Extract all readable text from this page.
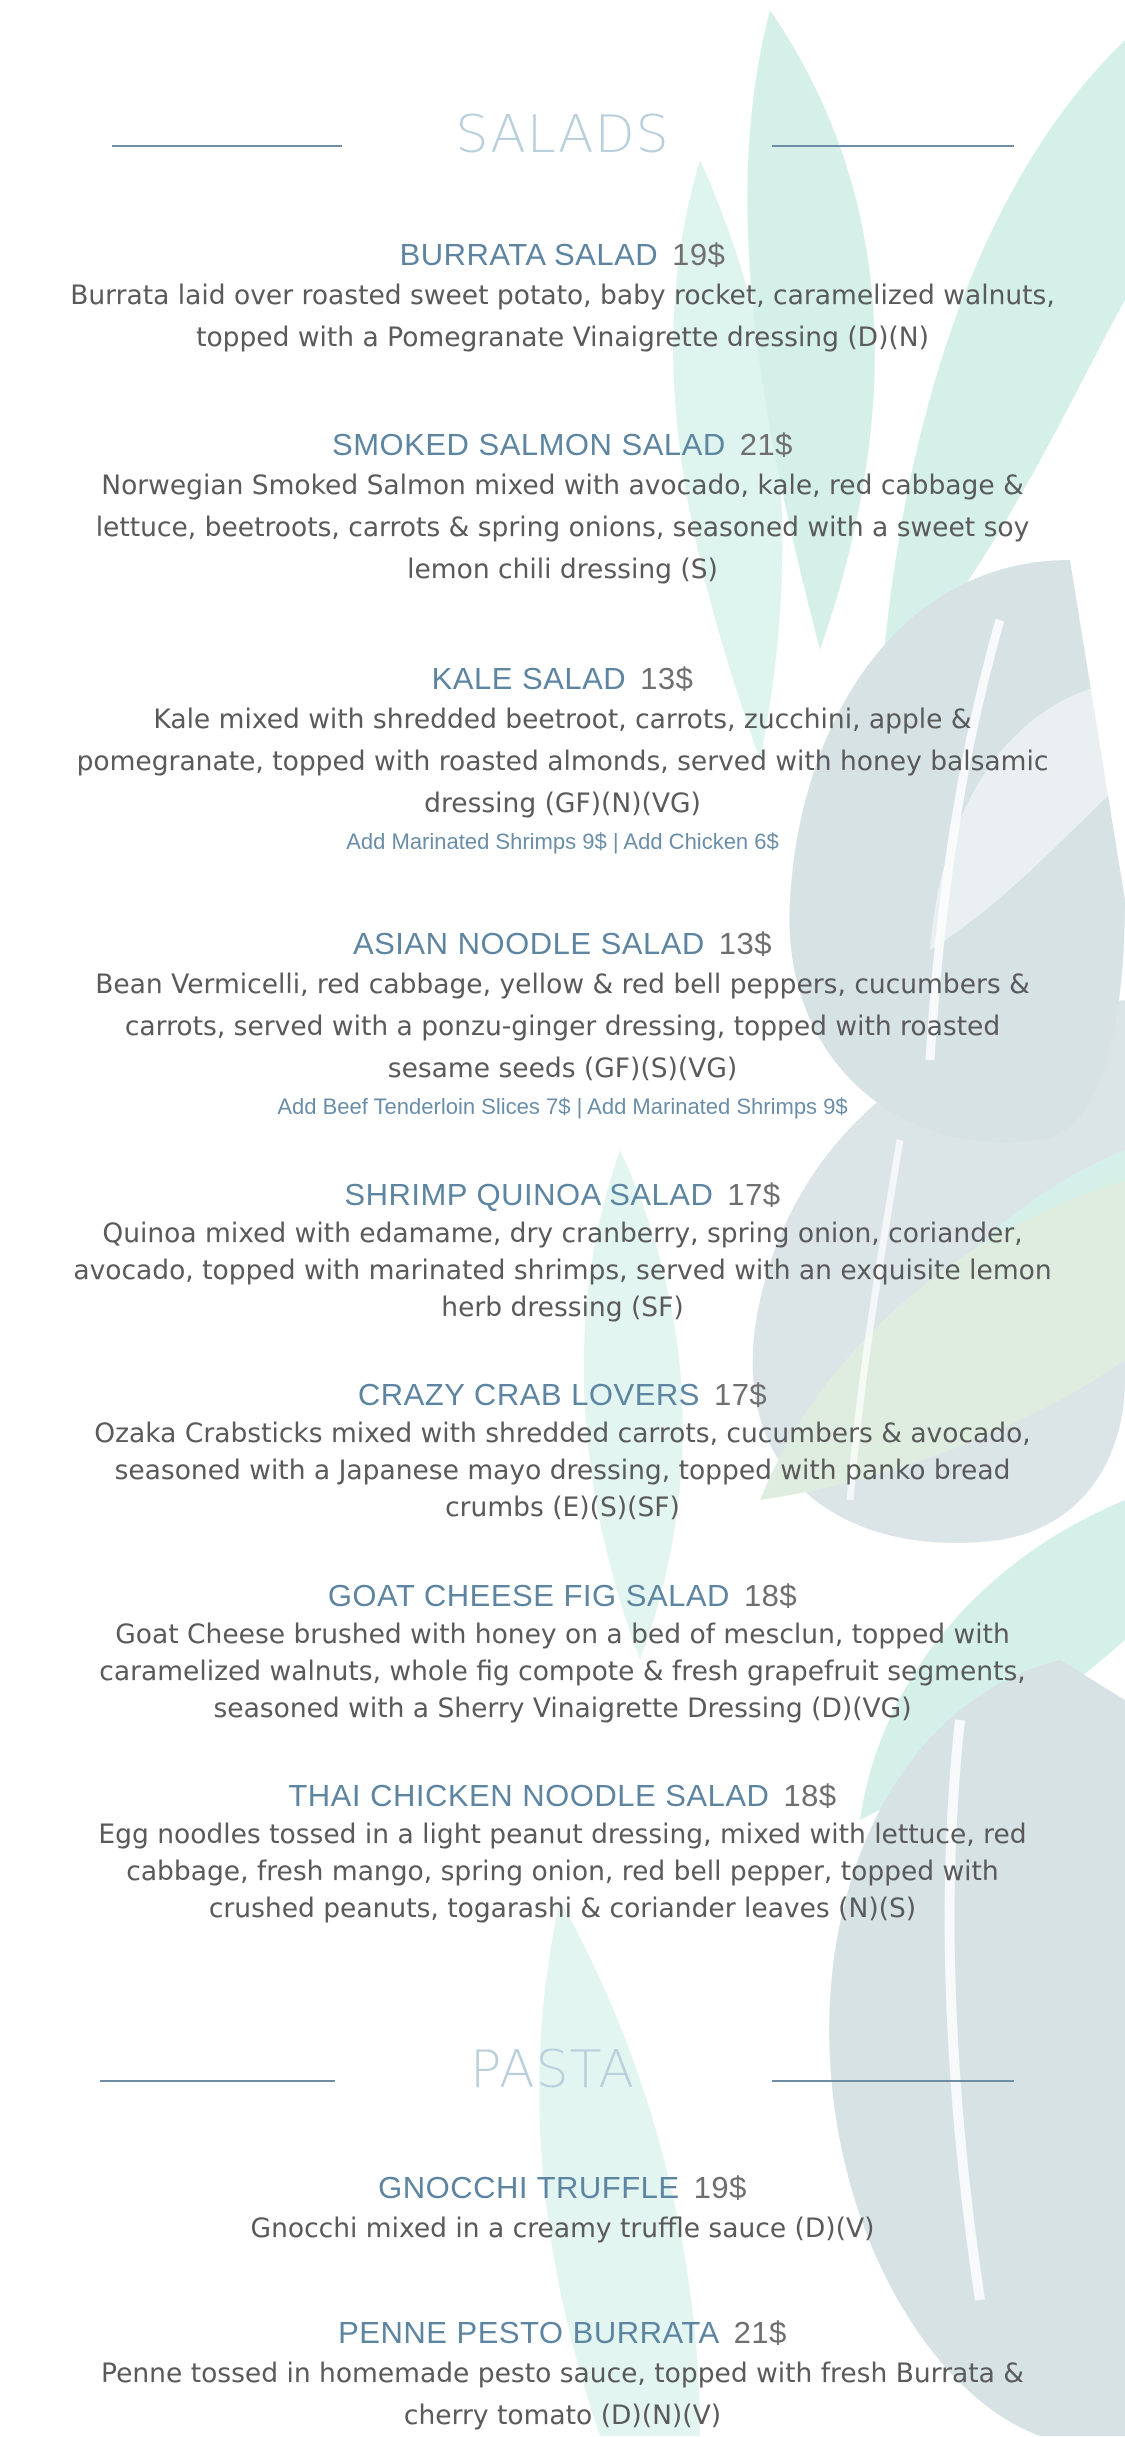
SALADS
BURRATA SALAD 19$
Burrata laid over roasted sweet potato, baby rocket, caramelized walnuts, topped with a Pomegranate Vinaigrette dressing (D)(N)
SMOKED SALMON SALAD 21$
Norwegian Smoked Salmon mixed with avocado, kale, red cabbage & lettuce, beetroots, carrots & spring onions, seasoned with a sweet soy lemon chili dressing (S)
KALE SALAD 13$
Kale mixed with shredded beetroot, carrots, zucchini, apple & pomegranate, topped with roasted almonds, served with honey balsamic dressing (GF)(N)(VG)
Add Marinated Shrimps 9$ | Add Chicken 6$
ASIAN NOODLE SALAD 13$
Bean Vermicelli, red cabbage, yellow & red bell peppers, cucumbers & carrots, served with a ponzu-ginger dressing, topped with roasted sesame seeds (GF)(S)(VG)
Add Beef Tenderloin Slices 7$ | Add Marinated Shrimps 9$
SHRIMP QUINOA SALAD 17$
Quinoa mixed with edamame, dry cranberry, spring onion, coriander, avocado, topped with marinated shrimps, served with an exquisite lemon herb dressing (SF)
CRAZY CRAB LOVERS 17$
Ozaka Crabsticks mixed with shredded carrots, cucumbers & avocado, seasoned with a Japanese mayo dressing, topped with panko bread crumbs (E)(S)(SF)
GOAT CHEESE FIG SALAD 18$
Goat Cheese brushed with honey on a bed of mesclun, topped with caramelized walnuts, whole fig compote & fresh grapefruit segments, seasoned with a Sherry Vinaigrette Dressing (D)(VG)
THAI CHICKEN NOODLE SALAD 18$
Egg noodles tossed in a light peanut dressing, mixed with lettuce, red cabbage, fresh mango, spring onion, red bell pepper, topped with crushed peanuts, togarashi & coriander leaves (N)(S)
PASTA
GNOCCHI TRUFFLE 19$
Gnocchi mixed in a creamy truffle sauce (D)(V)
PENNE PESTO BURRATA 21$
Penne tossed in homemade pesto sauce, topped with fresh Burrata & cherry tomato (D)(N)(V)
